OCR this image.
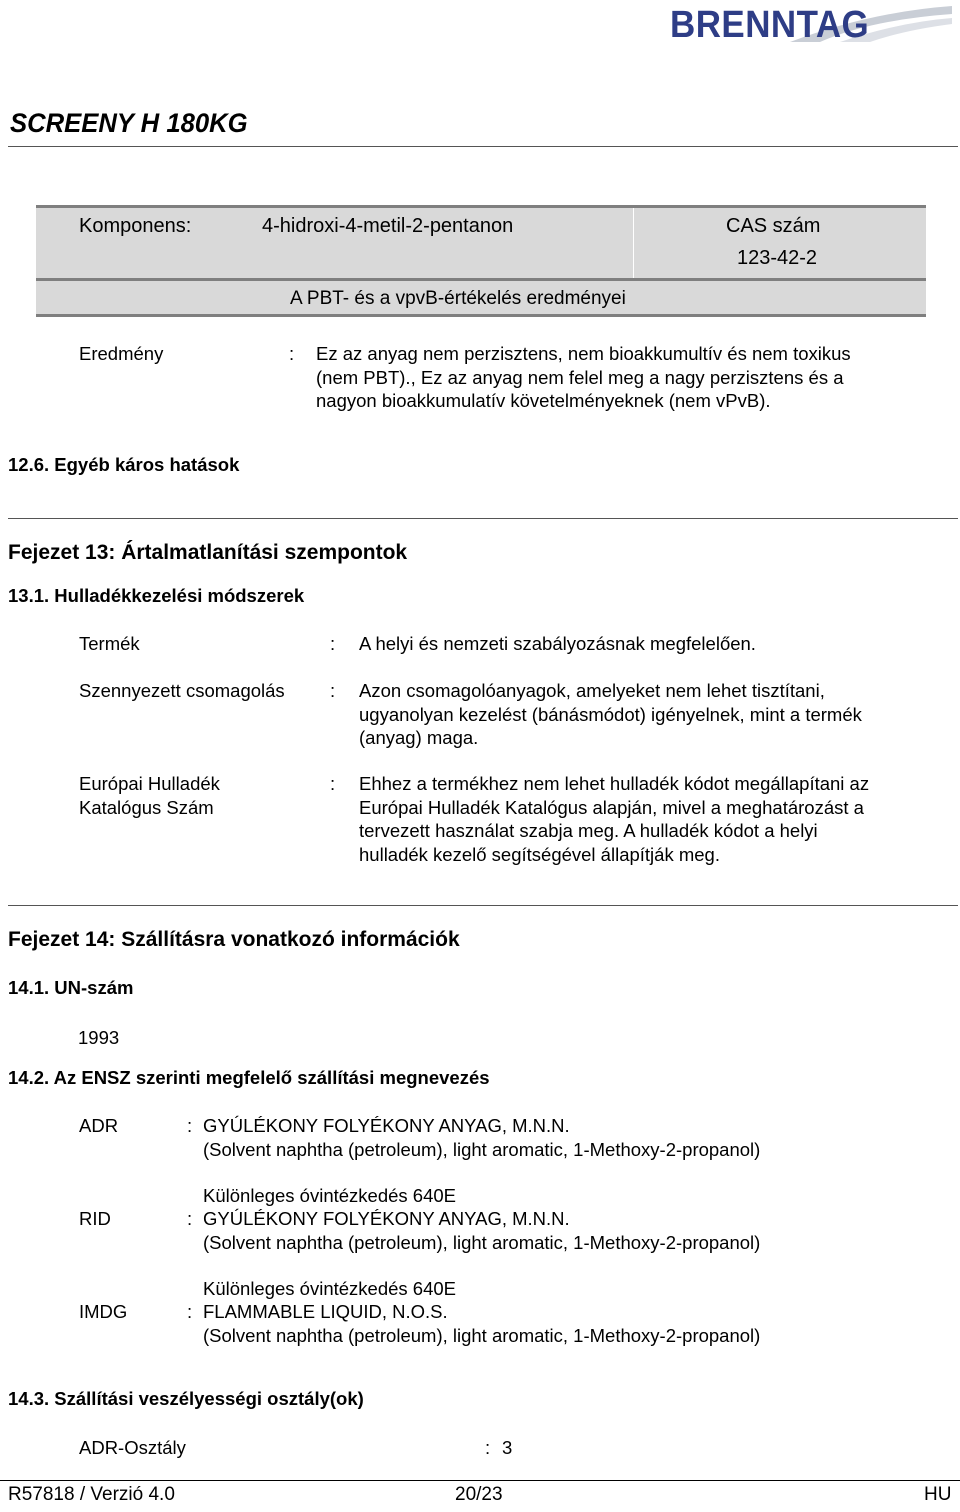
BRENNTAG
SCREENY H 180KG
Komponens:	4-hidroxi-4-metil-2-pentanon	CAS szám
123-42-2
A PBT- és a vpvB-értékelés eredményei
Eredmény	: Ez az anyag nem perzisztens, nem bioakkumultív és nem toxikus
(nem PBT)., Ez az anyag nem felel meg a nagy perzisztens és a
nagyon bioakkumulatív követelményeknek (nem vPvB).
12.6. Egyéb káros hatások
Fejezet 13: Ártalmatlanítási szempontok
13.1. Hulladékkezelési módszerek
Termék	: A helyi és nemzeti szabályozásnak megfelelően.
Szennyezett csomagolás : Azon csomagolóanyagok, amelyeket nem lehet tisztítani,
ugyanolyan kezelést (bánásmódot) igényelnek, mint a termék
(anyag) maga.
Európai Hulladék
Katalógus Szám
: Ehhez a termékhez nem lehet hulladék kódot megállapítani az
Európai Hulladék Katalógus alapján, mivel a meghatározást a
tervezett használat szabja meg. A hulladék kódot a helyi
hulladék kezelő segítségével állapítják meg.
Fejezet 14: Szállításra vonatkozó információk
14.1. UN-szám
1993
14.2. Az ENSZ szerinti megfelelő szállítási megnevezés
ADR	: GYÚLÉKONY FOLYÉKONY ANYAG, M.N.N.
(Solvent naphtha (petroleum), light aromatic, 1-Methoxy-2-propanol)
Különleges óvintézkedés 640E
RID	: GYÚLÉKONY FOLYÉKONY ANYAG, M.N.N.
(Solvent naphtha (petroleum), light aromatic, 1-Methoxy-2-propanol)
Különleges óvintézkedés 640E
IMDG	: FLAMMABLE LIQUID, N.O.S.
(Solvent naphtha (petroleum), light aromatic, 1-Methoxy-2-propanol)
14.3. Szállítási veszélyességi osztály(ok)
ADR-Osztály	: 3
R57818 / Verzió 4.0	20/23	HU
